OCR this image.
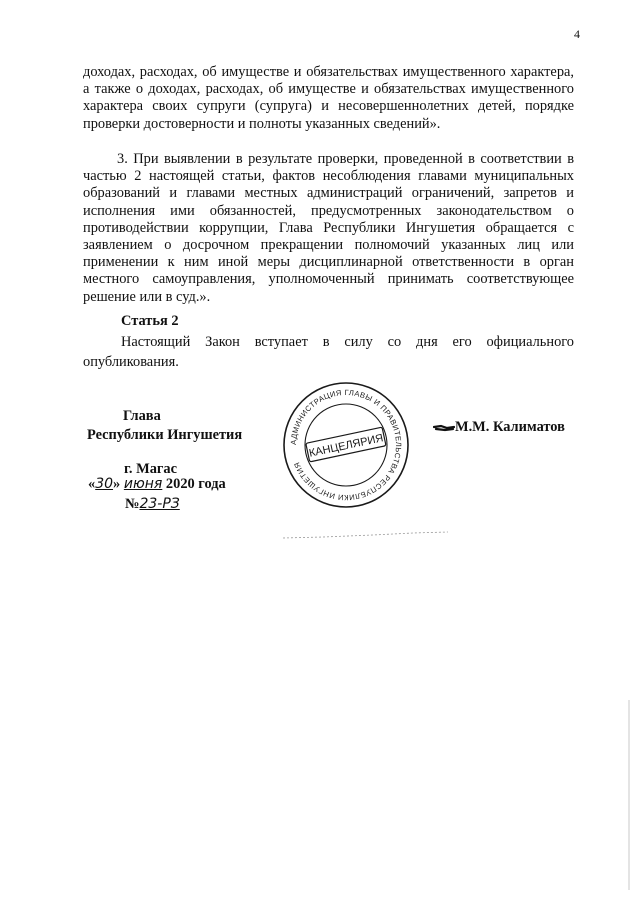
4
доходах, расходах, об имуществе и обязательствах имущественного характера, а также о доходах, расходах, об имуществе и обязательствах имущественного характера своих супруги (супруга) и несовершеннолетних детей, порядке проверки достоверности и полноты указанных сведений».
3. При выявлении в результате проверки, проведенной в соответствии в частью 2 настоящей статьи, фактов несоблюдения главами муниципальных образований и главами местных администраций ограничений, запретов и исполнения ими обязанностей, предусмотренных законодательством о противодействии коррупции, Глава Республики Ингушетия обращается с заявлением о досрочном прекращении полномочий указанных лиц или применении к ним иной меры дисциплинарной ответственности в орган местного самоуправления, уполномоченный принимать соответствующее решение или в суд.».
Статья 2
Настоящий Закон вступает в силу со дня его официального опубликования.
Глава
Республики Ингушетия	М.М. Калиматов
г. Магас
«30» июня 2020 года
№23-РЗ
АДМИНИСТРАЦИЯ ГЛАВЫ И ПРАВИТЕЛЬСТВА РЕСПУБЛИКИ ИНГУШЕТИЯ
КАНЦЕЛЯРИЯ
